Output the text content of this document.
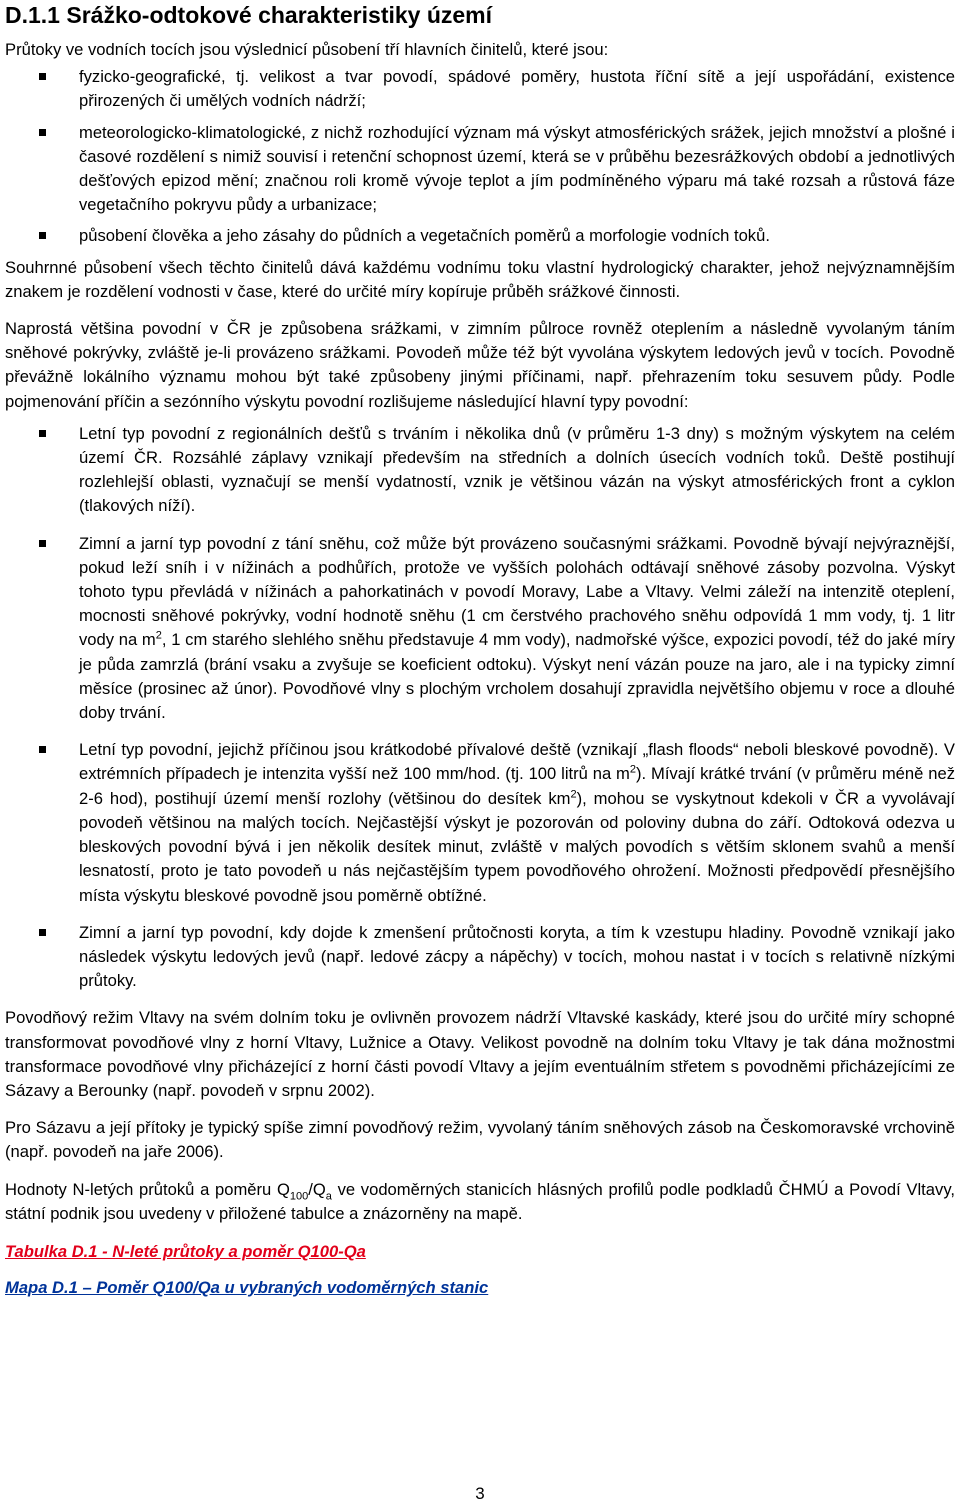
D.1.1 Srážko-odtokové charakteristiky území

Průtoky ve vodních tocích jsou výslednicí působení tří hlavních činitelů, které jsou:

fyzicko-geografické, tj. velikost a tvar povodí, spádové poměry, hustota říční sítě a její uspořádání, existence přirozených či umělých vodních nádrží;
meteorologicko-klimatologické, z nichž rozhodující význam má výskyt atmosférických srážek, jejich množství a plošné i časové rozdělení s nimiž souvisí i retenční schopnost území, která se v průběhu bezesrážkových období a jednotlivých dešťových epizod mění; značnou roli kromě vývoje teplot a jím podmíněného výparu má také rozsah a růstová fáze vegetačního pokryvu půdy a urbanizace;
působení člověka a jeho zásahy do půdních a vegetačních poměrů a morfologie vodních toků.

Souhrnné působení všech těchto činitelů dává každému vodnímu toku vlastní hydrologický charakter, jehož nejvýznamnějším znakem je rozdělení vodnosti v čase, které do určité míry kopíruje průběh srážkové činnosti.

Naprostá většina povodní v ČR je způsobena srážkami, v zimním půlroce rovněž oteplením a následně vyvolaným táním sněhové pokrývky, zvláště je-li provázeno srážkami. Povodeň může též být vyvolána výskytem ledových jevů v tocích. Povodně převážně lokálního významu mohou být také způsobeny jinými příčinami, např. přehrazením toku sesuvem půdy. Podle pojmenování příčin a sezónního výskytu povodní rozlišujeme následující hlavní typy povodní:

Letní typ povodní z regionálních dešťů s trváním i několika dnů (v průměru 1-3 dny) s možným výskytem na celém území ČR. Rozsáhlé záplavy vznikají především na středních a dolních úsecích vodních toků. Deště postihují rozlehlejší oblasti, vyznačují se menší vydatností, vznik je většinou vázán na výskyt atmosférických front a cyklon (tlakových níží).
Zimní a jarní typ povodní z tání sněhu, což může být provázeno současnými srážkami. Povodně bývají nejvýraznější, pokud leží sníh i v nížinách a podhůřích, protože ve vyšších polohách odtávají sněhové zásoby pozvolna. Výskyt tohoto typu převládá v nížinách a pahorkatinách v povodí Moravy, Labe a Vltavy. Velmi záleží na intenzitě oteplení, mocnosti sněhové pokrývky, vodní hodnotě sněhu (1 cm čerstvého prachového sněhu odpovídá 1 mm vody, tj. 1 litr vody na $m^2$, 1 cm starého slehlého sněhu představuje 4 mm vody), nadmořské výšce, expozici povodí, též do jaké míry je půda zamrzlá (brání vsaku a zvyšuje se koeficient odtoku). Výskyt není vázán pouze na jaro, ale i na typicky zimní měsíce (prosinec až únor). Povodňové vlny s plochým vrcholem dosahují zpravidla největšího objemu v roce a dlouhé doby trvání.
Letní typ povodní, jejichž příčinou jsou krátkodobé přívalové deště (vznikají „flash floods“ neboli bleskové povodně). V extrémních případech je intenzita vyšší než 100 mm/hod. (tj. 100 litrů na $m^2$). Mívají krátké trvání (v průměru méně než 2-6 hod), postihují území menší rozlohy (většinou do desítek $km^2$), mohou se vyskytnout kdekoli v ČR a vyvolávají povodeň většinou na malých tocích. Nejčastější výskyt je pozorován od poloviny dubna do září. Odtoková odezva u bleskových povodní bývá i jen několik desítek minut, zvláště v malých povodích s větším sklonem svahů a menší lesnatostí, proto je tato povodeň u nás nejčastějším typem povodňového ohrožení. Možnosti předpovědí přesnějšího místa výskytu bleskové povodně jsou poměrně obtížné.
Zimní a jarní typ povodní, kdy dojde k zmenšení průtočnosti koryta, a tím k vzestupu hladiny. Povodně vznikají jako následek výskytu ledových jevů (např. ledové zácpy a nápěchy) v tocích, mohou nastat i v tocích s relativně nízkými průtoky.

Povodňový režim Vltavy na svém dolním toku je ovlivněn provozem nádrží Vltavské kaskády, které jsou do určité míry schopné transformovat povodňové vlny z horní Vltavy, Lužnice a Otavy. Velikost povodně na dolním toku Vltavy je tak dána možnostmi transformace povodňové vlny přicházející z horní části povodí Vltavy a jejím eventuálním střetem s povodněmi přicházejícími ze Sázavy a Berounky (např. povodeň v srpnu 2002).

Pro Sázavu a její přítoky je typický spíše zimní povodňový režim, vyvolaný táním sněhových zásob na Českomoravské vrchovině (např. povodeň na jaře 2006).

Hodnoty N-letých průtoků a poměru $Q_{100}/Q_a$ ve vodoměrných stanicích hlásných profilů podle podkladů ČHMÚ a Povodí Vltavy, státní podnik jsou uvedeny v přiložené tabulce a znázorněny na mapě.

Tabulka D.1 - N-leté průtoky a poměr Q100-Qa
Mapa D.1 – Poměr Q100/Qa u vybraných vodoměrných stanic
3
